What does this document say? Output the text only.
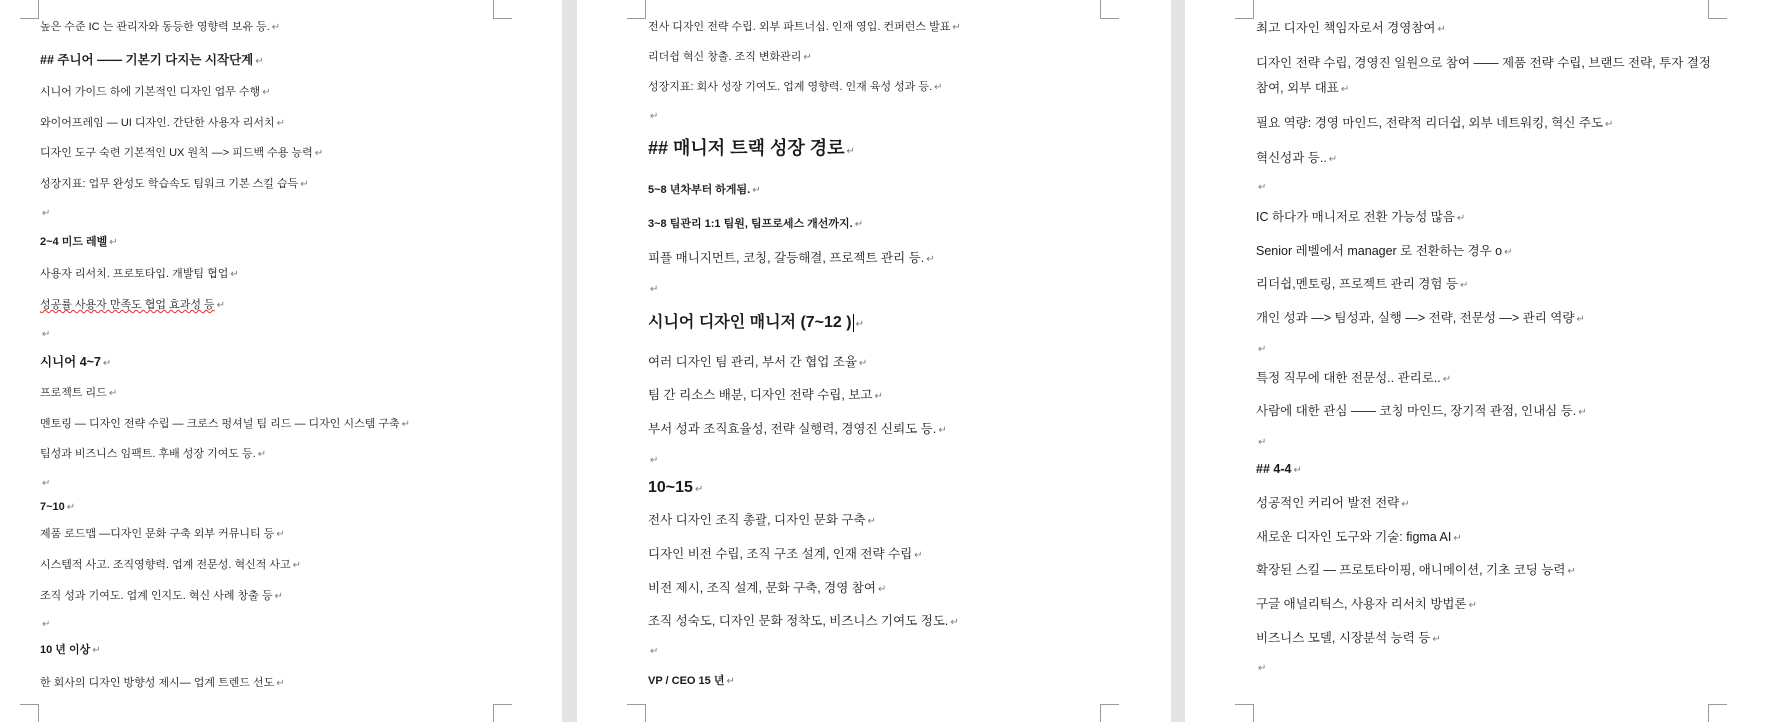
높은 수준 IC 는 관리자와 동등한 영향력 보유 등. ↵
## 주니어 —— 기본기 다지는 시작단계 ↵
시니어 가이드 하에 기본적인 디자인 업무 수행 ↵
와이어프레임 — UI 디자인. 간단한 사용자 리서치 ↵
디자인 도구 숙련 기본적인 UX 원칙 —> 피드백 수용 능력 ↵
성장지표: 업무 완성도 학습속도 팀워크 기본 스킬 습득 ↵
↵
2~4 미드 레벨 ↵
사용자 리서치. 프로토타입. 개발팀 협업 ↵
성공률 사용자 만족도 협업 효과성 등 ↵
↵
시니어 4~7 ↵
프로젝트 리드 ↵
멘토링 — 디자인 전략 수립 — 크로스 펑셔널 팀 리드 — 디자인 시스템 구축 ↵
팀성과 비즈니스 임팩트. 후배 성장 기여도 등. ↵
↵
7~10 ↵
제품 로드맵 —디자인 문화 구축 외부 커뮤니티 등 ↵
시스템적 사고. 조직영향력. 업계 전문성. 혁신적 사고 ↵
조직 성과 기여도. 업계 인지도. 혁신 사례 창출 등 ↵
↵
10 년 이상 ↵
한 회사의 디자인 방향성 제시— 업계 트렌드 선도 ↵
전사 디자인 전략 수립. 외부 파트너십. 인재 영입. 컨퍼런스 발표 ↵
리더쉽 혁신 창출. 조직 변화관리 ↵
성장지표: 회사 성장 기여도. 업계 영향력. 인재 육성 성과 등. ↵
↵
## 매니저 트랙 성장 경로 ↵
5~8 년차부터 하게됨. ↵
3~8 팀관리 1:1 팀원, 팀프로세스 개선까지. ↵
피플 매니지먼트, 코칭, 갈등해결, 프로젝트 관리 등. ↵
↵
시니어 디자인 매니저 (7~12 ) ↵
여러 디자인 팀 관리, 부서 간 협업 조율 ↵
팀 간 리소스 배분, 디자인 전략 수립, 보고 ↵
부서 성과 조직효율성, 전략 실행력, 경영진 신뢰도 등. ↵
↵
10~15 ↵
전사 디자인 조직 총괄, 디자인 문화 구축 ↵
디자인 비전 수립, 조직 구조 설계, 인재 전략 수립 ↵
비전 제시, 조직 설계, 문화 구축, 경영 참여 ↵
조직 성숙도, 디자인 문화 정착도, 비즈니스 기여도 정도. ↵
↵
VP / CEO 15 년 ↵
최고 디자인 책임자로서 경영참여 ↵
디자인 전략 수립, 경영진 일원으로 참여 —— 제품 전략 수립, 브랜드 전략, 투자 결정
참여, 외부 대표 ↵
필요 역량: 경영 마인드, 전략적 리더쉽, 외부 네트워킹, 혁신 주도 ↵
혁신성과 등.. ↵
↵
IC 하다가 매니저로 전환 가능성 많음 ↵
Senior 레벨에서 manager 로 전환하는 경우 o ↵
리더쉽,멘토링, 프로젝트 관리 경험 등 ↵
개인 성과 —> 팀성과, 실행 —> 전략, 전문성 —> 관리 역량 ↵
↵
특정 직무에 대한 전문성.. 관리로.. ↵
사람에 대한 관심 —— 코칭 마인드, 장기적 관점, 인내심 등. ↵
↵
## 4-4 ↵
성공적인 커리어 발전 전략 ↵
새로운 디자인 도구와 기술: figma AI ↵
확장된 스킬 — 프로토타이핑, 애니메이션, 기초 코딩 능력 ↵
구글 애널리틱스, 사용자 리서치 방법론 ↵
비즈니스 모델, 시장분석 능력 등 ↵
↵
